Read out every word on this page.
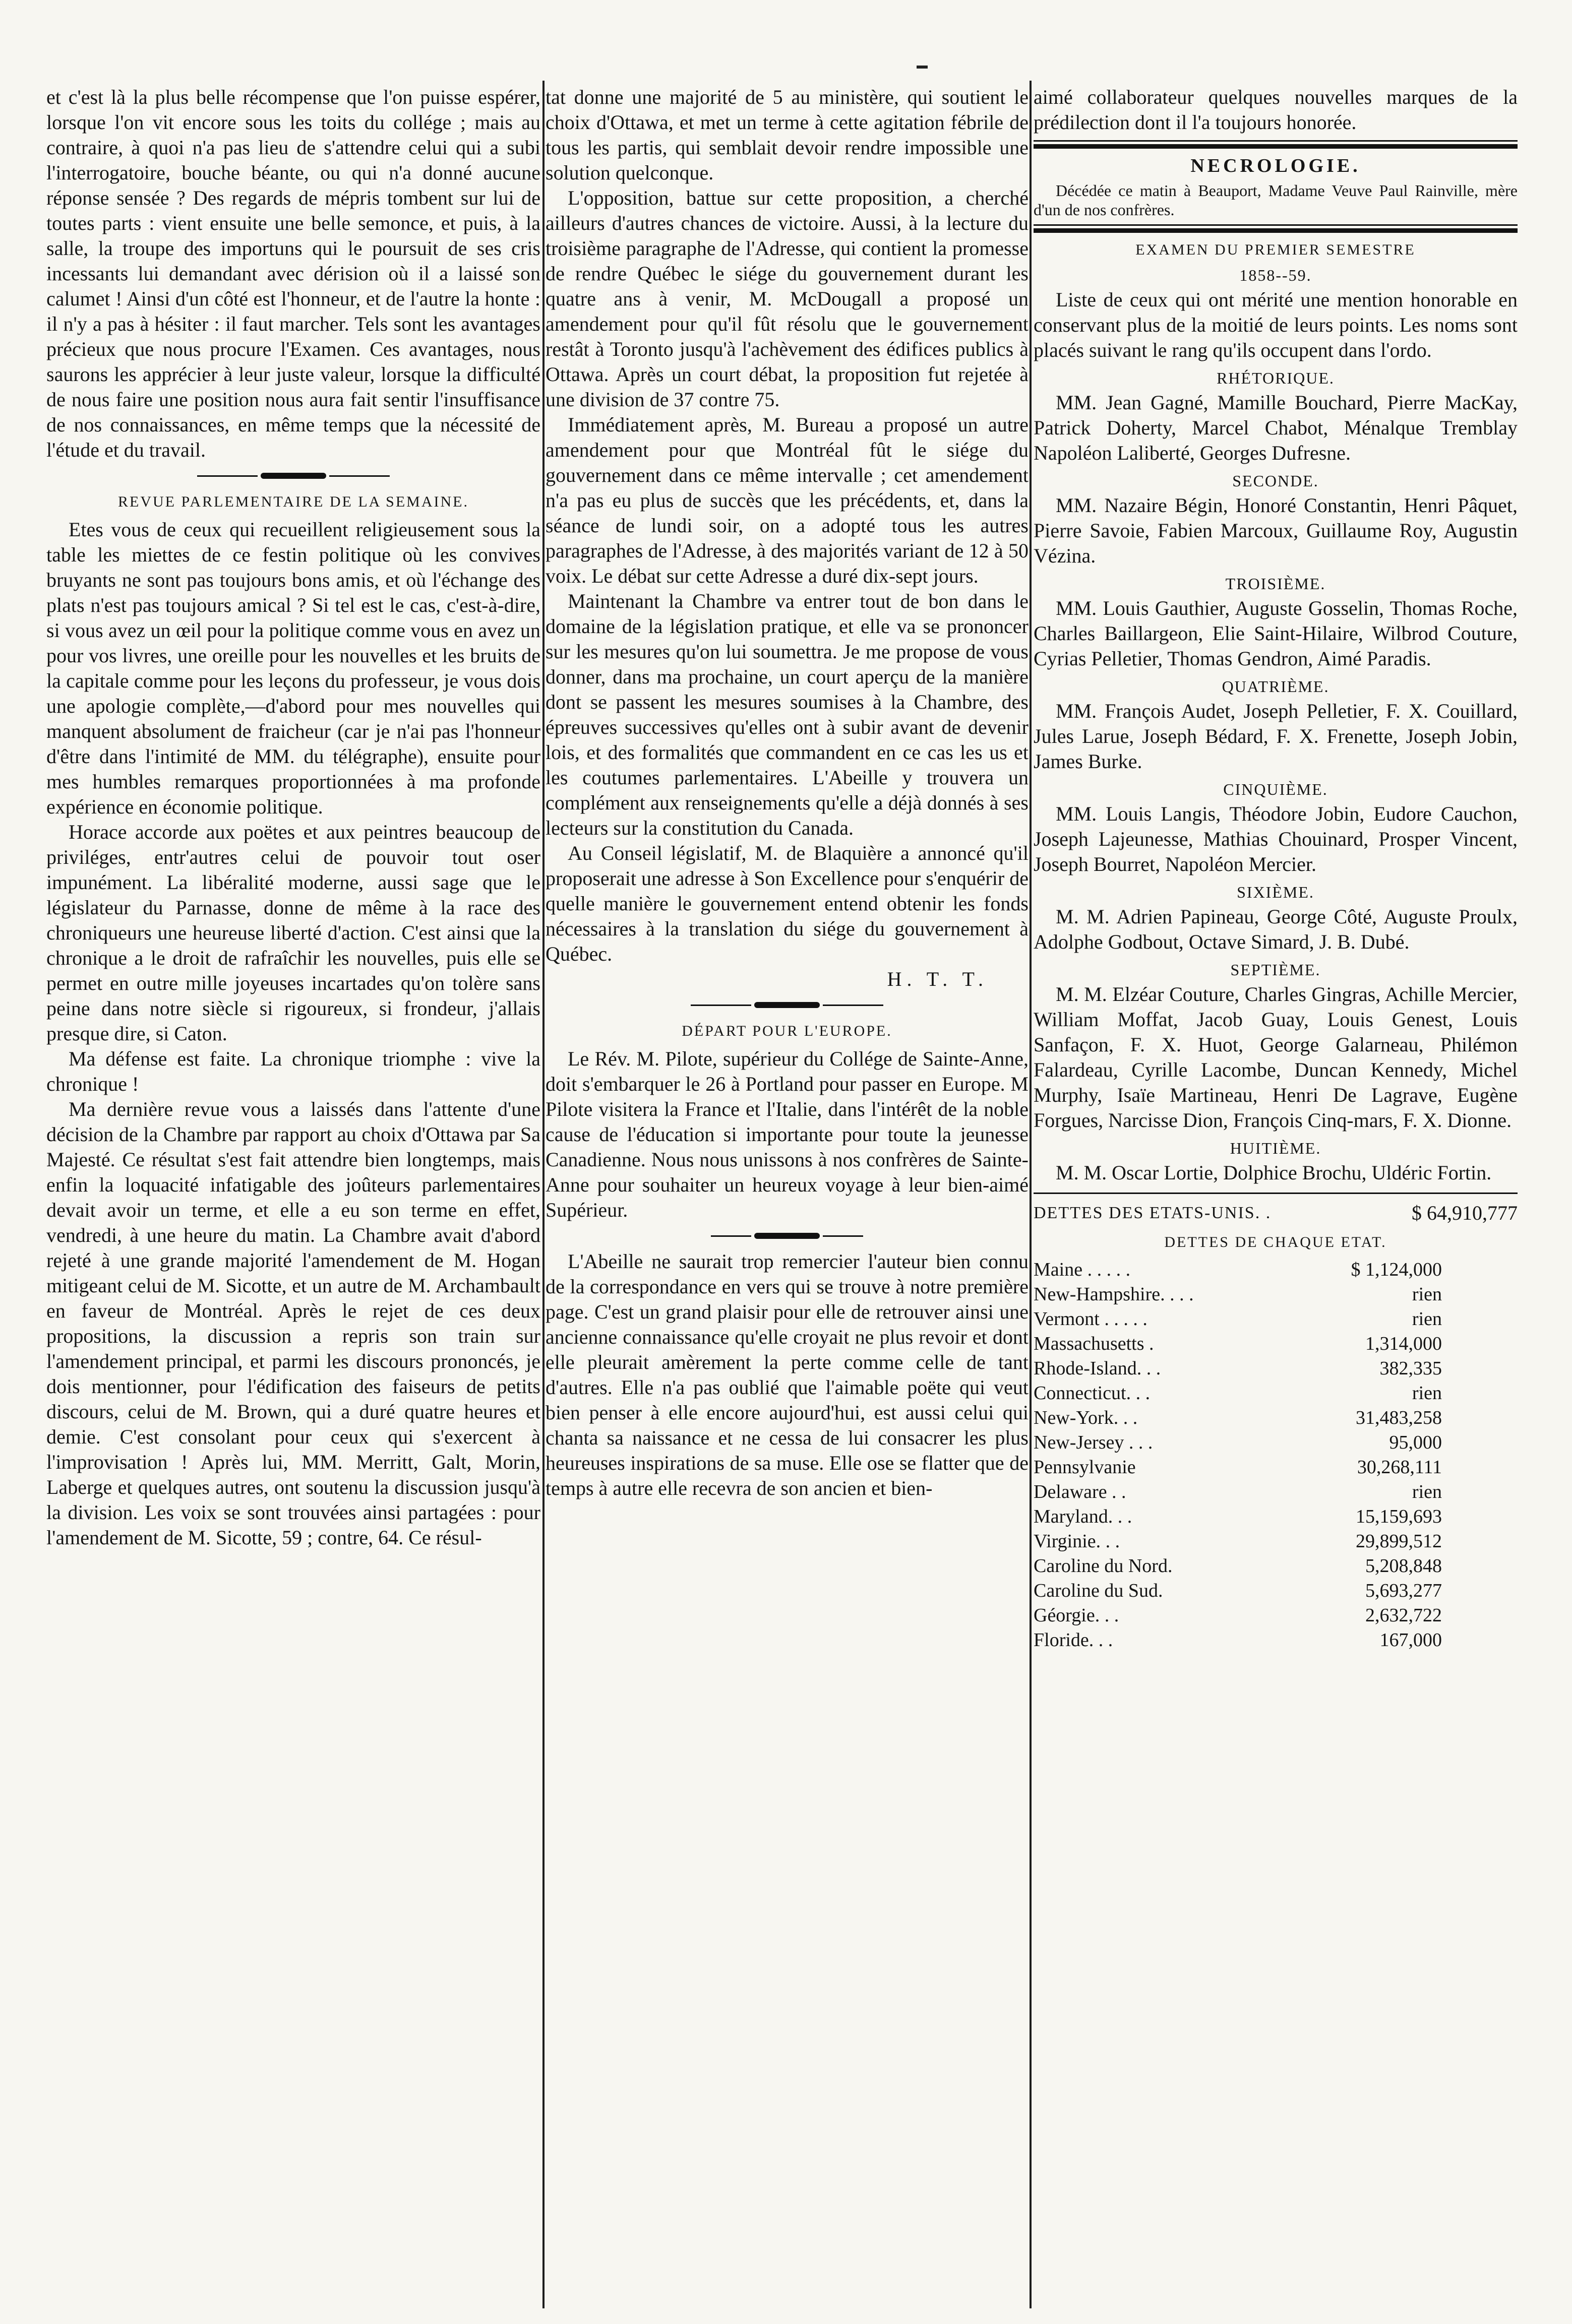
et c'est là la plus belle récompense que l'on puisse espérer, lorsque l'on vit encore sous les toits du collége ; mais au contraire, à quoi n'a pas lieu de s'attendre celui qui a subi l'interrogatoire, bouche béante, ou qui n'a donné aucune réponse sensée ? Des regards de mépris tombent sur lui de toutes parts : vient ensuite une belle semonce, et puis, à la salle, la troupe des importuns qui le poursuit de ses cris incessants lui demandant avec dérision où il a laissé son calumet ! Ainsi d'un côté est l'honneur, et de l'autre la honte : il n'y a pas à hésiter : il faut marcher. Tels sont les avantages précieux que nous procure l'Examen. Ces avantages, nous saurons les apprécier à leur juste valeur, lorsque la difficulté de nous faire une position nous aura fait sentir l'insuffisance de nos connaissances, en même temps que la nécessité de l'étude et du travail.

REVUE PARLEMENTAIRE DE LA SEMAINE.

Etes vous de ceux qui recueillent religieusement sous la table les miettes de ce festin politique où les convives bruyants ne sont pas toujours bons amis, et où l'échange des plats n'est pas toujours amical ? Si tel est le cas, c'est-à-dire, si vous avez un œil pour la politique comme vous en avez un pour vos livres, une oreille pour les nouvelles et les bruits de la capitale comme pour les leçons du professeur, je vous dois une apologie complète,—d'abord pour mes nouvelles qui manquent absolument de fraicheur (car je n'ai pas l'honneur d'être dans l'intimité de MM. du télégraphe), ensuite pour mes humbles remarques proportionnées à ma profonde expérience en économie politique.

Horace accorde aux poëtes et aux peintres beaucoup de priviléges, entr'autres celui de pouvoir tout oser impunément. La libéralité moderne, aussi sage que le législateur du Parnasse, donne de même à la race des chroniqueurs une heureuse liberté d'action. C'est ainsi que la chronique a le droit de rafraîchir les nouvelles, puis elle se permet en outre mille joyeuses incartades qu'on tolère sans peine dans notre siècle si rigoureux, si frondeur, j'allais presque dire, si Caton.

Ma défense est faite. La chronique triomphe : vive la chronique !

Ma dernière revue vous a laissés dans l'attente d'une décision de la Chambre par rapport au choix d'Ottawa par Sa Majesté. Ce résultat s'est fait attendre bien longtemps, mais enfin la loquacité infatigable des joûteurs parlementaires devait avoir un terme, et elle a eu son terme en effet, vendredi, à une heure du matin. La Chambre avait d'abord rejeté à une grande majorité l'amendement de M. Hogan mitigeant celui de M. Sicotte, et un autre de M. Archambault en faveur de Montréal. Après le rejet de ces deux propositions, la discussion a repris son train sur l'amendement principal, et parmi les discours prononcés, je dois mentionner, pour l'édification des faiseurs de petits discours, celui de M. Brown, qui a duré quatre heures et demie. C'est consolant pour ceux qui s'exercent à l'improvisation ! Après lui, MM. Merritt, Galt, Morin, Laberge et quelques autres, ont soutenu la discussion jusqu'à la division. Les voix se sont trouvées ainsi partagées : pour l'amendement de M. Sicotte, 59 ; contre, 64. Ce résul-

tat donne une majorité de 5 au ministère, qui soutient le choix d'Ottawa, et met un terme à cette agitation fébrile de tous les partis, qui semblait devoir rendre impossible une solution quelconque.

L'opposition, battue sur cette proposition, a cherché ailleurs d'autres chances de victoire. Aussi, à la lecture du troisième paragraphe de l'Adresse, qui contient la promesse de rendre Québec le siége du gouvernement durant les quatre ans à venir, M. McDougall a proposé un amendement pour qu'il fût résolu que le gouvernement restât à Toronto jusqu'à l'achèvement des édifices publics à Ottawa. Après un court débat, la proposition fut rejetée à une division de 37 contre 75.

Immédiatement après, M. Bureau a proposé un autre amendement pour que Montréal fût le siége du gouvernement dans ce même intervalle ; cet amendement n'a pas eu plus de succès que les précédents, et, dans la séance de lundi soir, on a adopté tous les autres paragraphes de l'Adresse, à des majorités variant de 12 à 50 voix. Le débat sur cette Adresse a duré dix-sept jours.

Maintenant la Chambre va entrer tout de bon dans le domaine de la législation pratique, et elle va se prononcer sur les mesures qu'on lui soumettra. Je me propose de vous donner, dans ma prochaine, un court aperçu de la manière dont se passent les mesures soumises à la Chambre, des épreuves successives qu'elles ont à subir avant de devenir lois, et des formalités que commandent en ce cas les us et les coutumes parlementaires. L'Abeille y trouvera un complément aux renseignements qu'elle a déjà donnés à ses lecteurs sur la constitution du Canada.

Au Conseil législatif, M. de Blaquière a annoncé qu'il proposerait une adresse à Son Excellence pour s'enquérir de quelle manière le gouvernement entend obtenir les fonds nécessaires à la translation du siége du gouvernement à Québec.

H. T. T.
DÉPART POUR L'EUROPE.

Le Rév. M. Pilote, supérieur du Collége de Sainte-Anne, doit s'embarquer le 26 à Portland pour passer en Europe. M Pilote visitera la France et l'Italie, dans l'intérêt de la noble cause de l'éducation si importante pour toute la jeunesse Canadienne. Nous nous unissons à nos confrères de Sainte-Anne pour souhaiter un heureux voyage à leur bien-aimé Supérieur.

L'Abeille ne saurait trop remercier l'auteur bien connu de la correspondance en vers qui se trouve à notre première page. C'est un grand plaisir pour elle de retrouver ainsi une ancienne connaissance qu'elle croyait ne plus revoir et dont elle pleurait amèrement la perte comme celle de tant d'autres. Elle n'a pas oublié que l'aimable poëte qui veut bien penser à elle encore aujourd'hui, est aussi celui qui chanta sa naissance et ne cessa de lui consacrer les plus heureuses inspirations de sa muse. Elle ose se flatter que de temps à autre elle recevra de son ancien et bien-

aimé collaborateur quelques nouvelles marques de la prédilection dont il l'a toujours honorée.

NECROLOGIE.

Décédée ce matin à Beauport, Madame Veuve Paul Rainville, mère d'un de nos confrères.

EXAMEN DU PREMIER SEMESTRE
1858--59.

Liste de ceux qui ont mérité une mention honorable en conservant plus de la moitié de leurs points. Les noms sont placés suivant le rang qu'ils occupent dans l'ordo.

RHÉTORIQUE.

MM. Jean Gagné, Mamille Bouchard, Pierre MacKay, Patrick Doherty, Marcel Chabot, Ménalque Tremblay Napoléon Laliberté, Georges Dufresne.

SECONDE.

MM. Nazaire Bégin, Honoré Constantin, Henri Pâquet, Pierre Savoie, Fabien Marcoux, Guillaume Roy, Augustin Vézina.

TROISIÈME.

MM. Louis Gauthier, Auguste Gosselin, Thomas Roche, Charles Baillargeon, Elie Saint-Hilaire, Wilbrod Couture, Cyrias Pelletier, Thomas Gendron, Aimé Paradis.

QUATRIÈME.

MM. François Audet, Joseph Pelletier, F. X. Couillard, Jules Larue, Joseph Bédard, F. X. Frenette, Joseph Jobin, James Burke.

CINQUIÈME.

MM. Louis Langis, Théodore Jobin, Eudore Cauchon, Joseph Lajeunesse, Mathias Chouinard, Prosper Vincent, Joseph Bourret, Napoléon Mercier.

SIXIÈME.

M. M. Adrien Papineau, George Côté, Auguste Proulx, Adolphe Godbout, Octave Simard, J. B. Dubé.

SEPTIÈME.

M. M. Elzéar Couture, Charles Gingras, Achille Mercier, William Moffat, Jacob Guay, Louis Genest, Louis Sanfaçon, F. X. Huot, George Galarneau, Philémon Falardeau, Cyrille Lacombe, Duncan Kennedy, Michel Murphy, Isaïe Martineau, Henri De Lagrave, Eugène Forgues, Narcisse Dion, François Cinq-mars, F. X. Dionne.

HUITIÈME.

M. M. Oscar Lortie, Dolphice Brochu, Uldéric Fortin.

DETTES DES ETATS-UNIS. .	$ 64,910,777
DETTES DE CHAQUE ETAT.
Maine . . . . .	$ 1,124,000
New-Hampshire. . . .	rien
Vermont . . . . .	rien
Massachusetts .	1,314,000
Rhode-Island. . .	382,335
Connecticut. . .	rien
New-York. . .	31,483,258
New-Jersey . . .	95,000
Pennsylvanie	30,268,111
Delaware . .	rien
Maryland. . .	15,159,693
Virginie. . .	29,899,512
Caroline du Nord.	5,208,848
Caroline du Sud.	5,693,277
Géorgie. . .	2,632,722
Floride. . .	167,000
